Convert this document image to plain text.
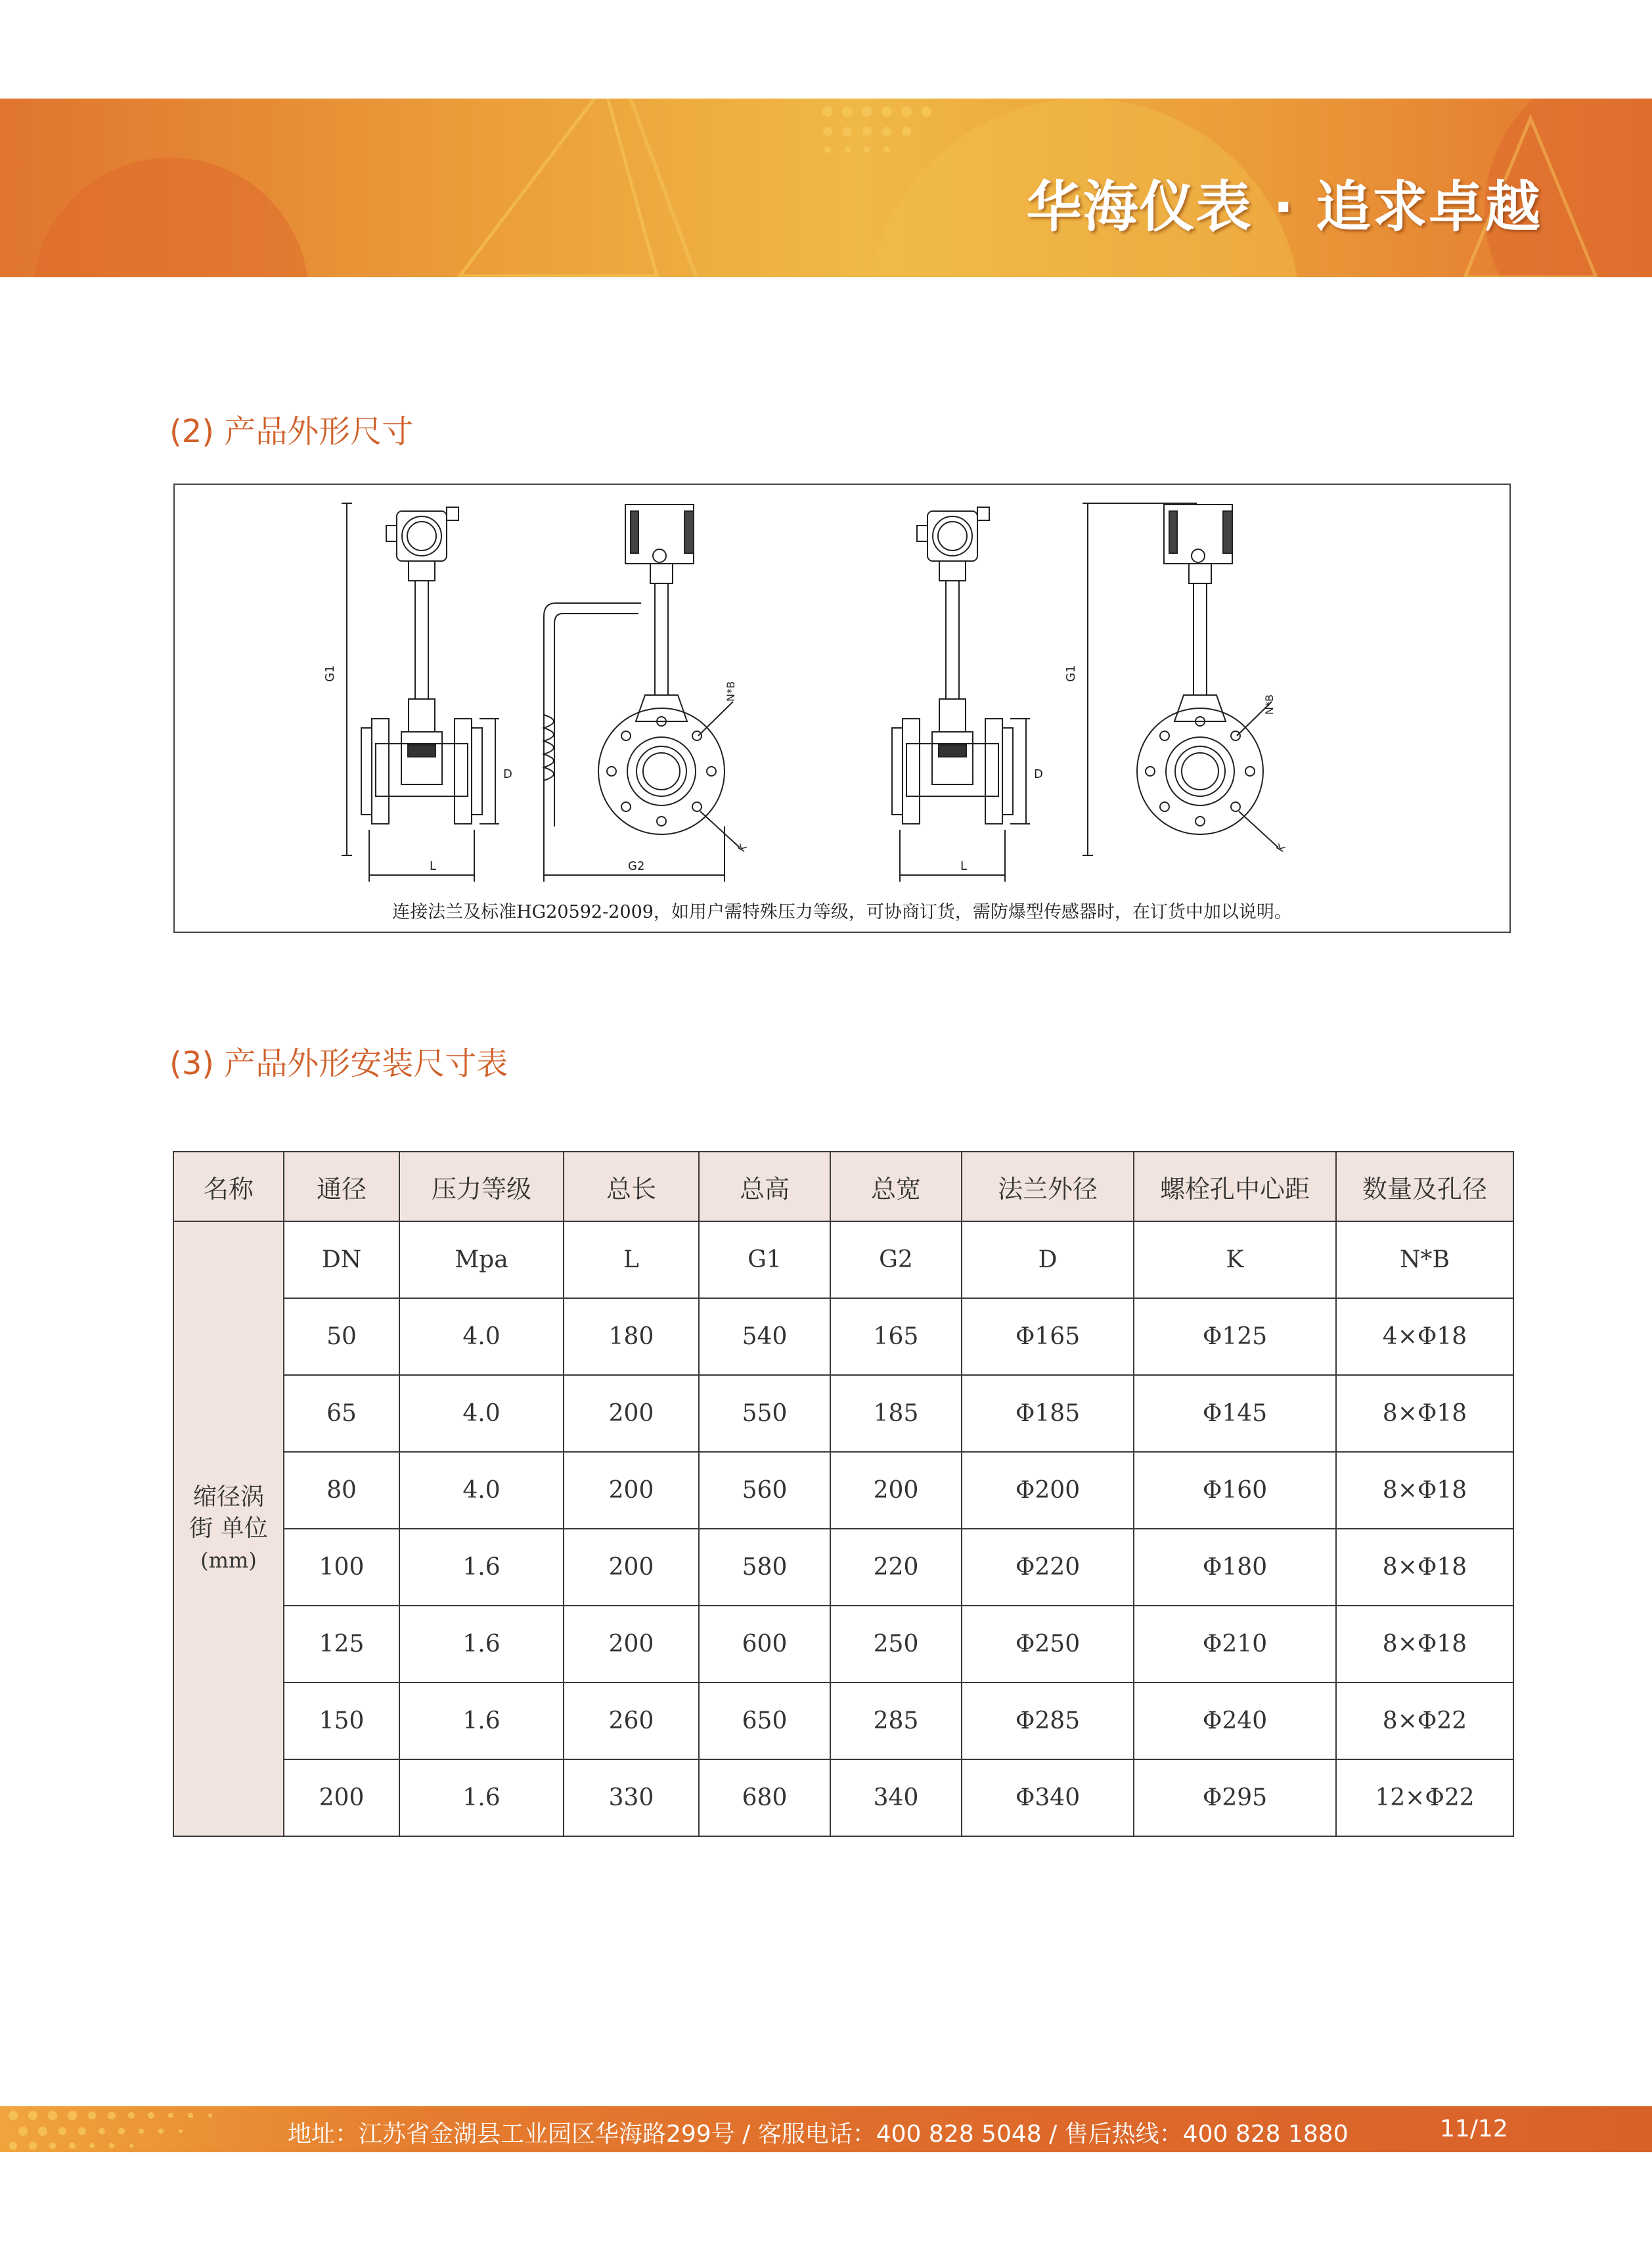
华海仪表 · 追求卓越
(2) 产品外形尺寸
L
D
G1
G2
N*B
K
L
D
G1
N*B
K
连接法兰及标准HG20592-2009，如用户需特殊压力等级，可协商订货，需防爆型传感器时，在订货中加以说明。
(3) 产品外形安装尺寸表
名称	通径	压力等级	总长	总高	总宽	法兰外径	螺栓孔中心距	数量及孔径

缩径涡
街 单位
(mm)	DN	Mpa	L	G1	G2	D	K	N*B
	50	4.0	180	540	165	Φ165	Φ125	4×Φ18
	65	4.0	200	550	185	Φ185	Φ145	8×Φ18
	80	4.0	200	560	200	Φ200	Φ160	8×Φ18
	100	1.6	200	580	220	Φ220	Φ180	8×Φ18
	125	1.6	200	600	250	Φ250	Φ210	8×Φ18
	150	1.6	260	650	285	Φ285	Φ240	8×Φ22
	200	1.6	330	680	340	Φ340	Φ295	12×Φ22
地址：江苏省金湖县工业园区华海路299号 / 客服电话：400 828 5048 / 售后热线：400 828 1880	11/12
